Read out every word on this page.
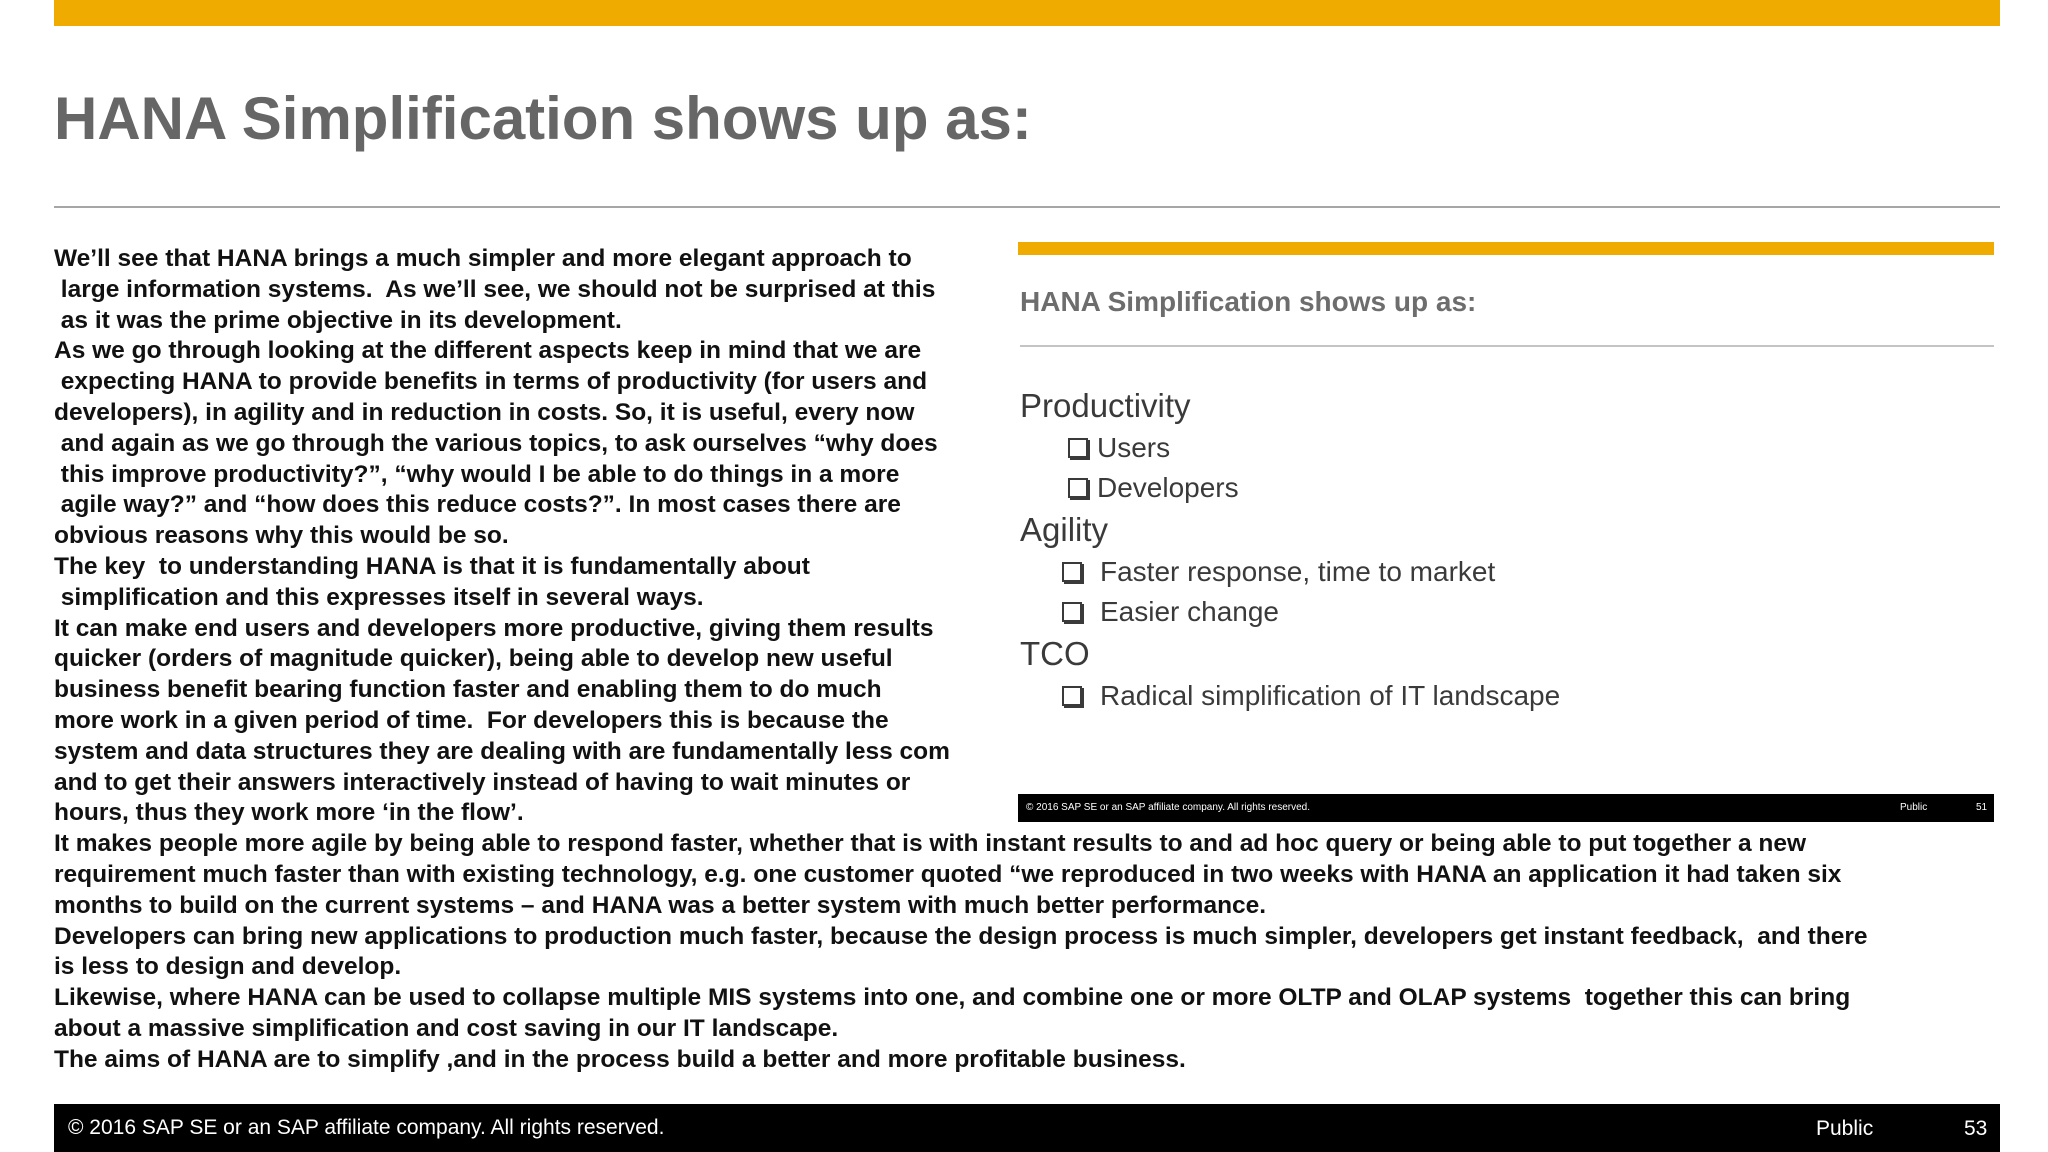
HANA Simplification shows up as:
We’ll see that HANA brings a much simpler and more elegant approach to
large information systems.  As we’ll see, we should not be surprised at this
as it was the prime objective in its development.
As we go through looking at the different aspects keep in mind that we are
expecting HANA to provide benefits in terms of productivity (for users and
developers), in agility and in reduction in costs. So, it is useful, every now
and again as we go through the various topics, to ask ourselves “why does
this improve productivity?”, “why would I be able to do things in a more
agile way?” and “how does this reduce costs?”. In most cases there are
obvious reasons why this would be so.
The key  to understanding HANA is that it is fundamentally about
simplification and this expresses itself in several ways.
It can make end users and developers more productive, giving them results
quicker (orders of magnitude quicker), being able to develop new useful
business benefit bearing function faster and enabling them to do much
more work in a given period of time.  For developers this is because the
system and data structures they are dealing with are fundamentally less com
and to get their answers interactively instead of having to wait minutes or
hours, thus they work more ‘in the flow’.
It makes people more agile by being able to respond faster, whether that is with instant results to and ad hoc query or being able to put together a new
requirement much faster than with existing technology, e.g. one customer quoted “we reproduced in two weeks with HANA an application it had taken six
months to build on the current systems – and HANA was a better system with much better performance.
Developers can bring new applications to production much faster, because the design process is much simpler, developers get instant feedback,  and there
is less to design and develop.
Likewise, where HANA can be used to collapse multiple MIS systems into one, and combine one or more OLTP and OLAP systems  together this can bring
about a massive simplification and cost saving in our IT landscape.
The aims of HANA are to simplify ,and in the process build a better and more profitable business.
HANA Simplification shows up as:
Productivity
Users
Developers
Agility
Faster response, time to market
Easier change
TCO
Radical simplification of IT landscape
© 2016 SAP SE or an SAP affiliate company. All rights reserved.	Public	51
© 2016 SAP SE or an SAP affiliate company. All rights reserved.	Public	53
